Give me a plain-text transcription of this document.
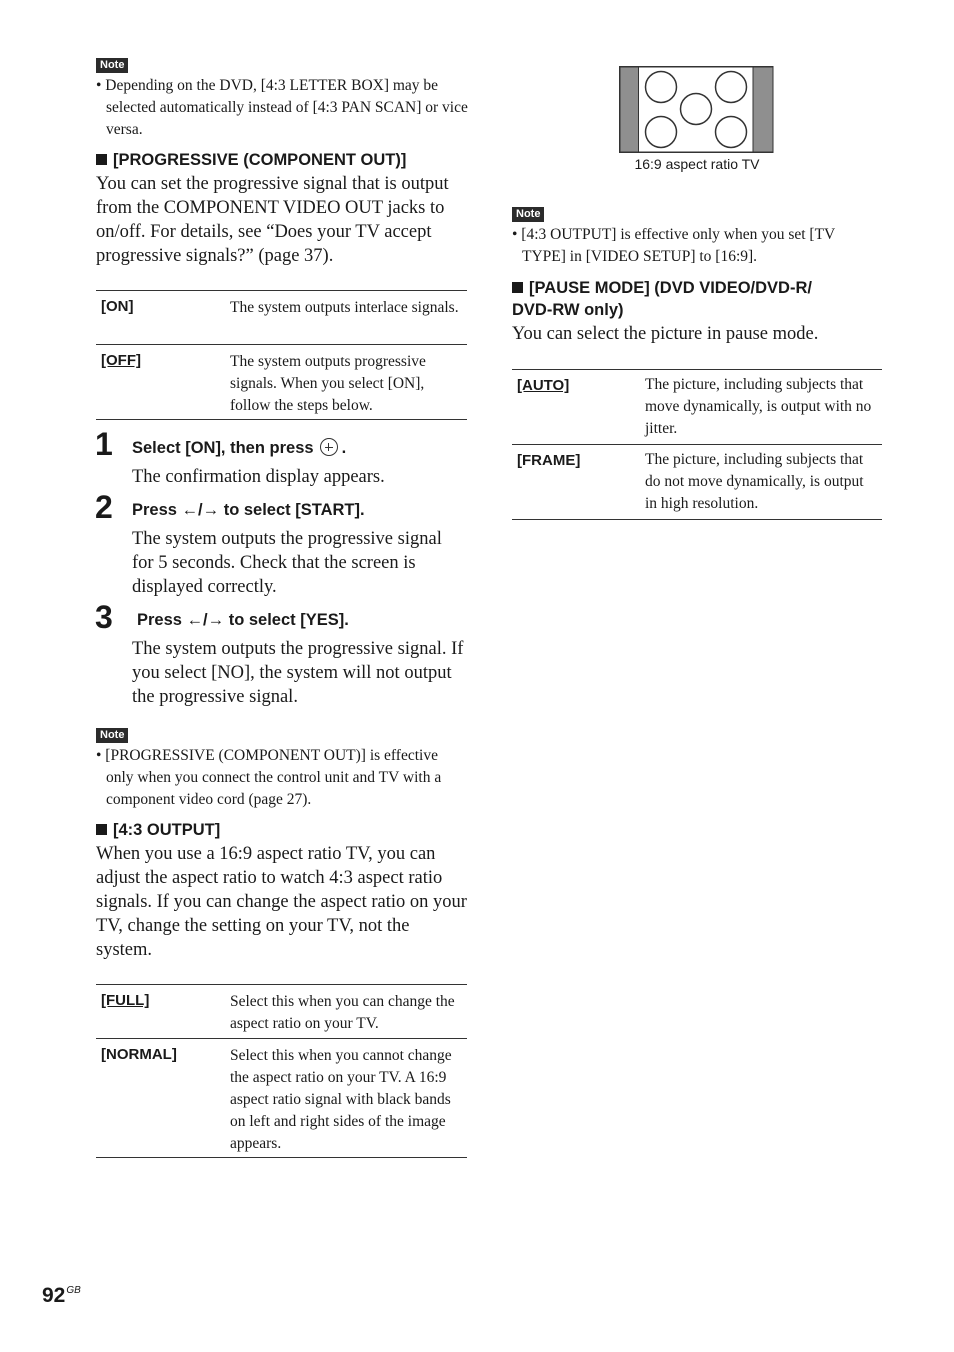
Note

• Depending on the DVD, [4:3 LETTER BOX] may be selected automatically instead of [4:3 PAN SCAN] or vice versa.

[PROGRESSIVE (COMPONENT OUT)]
You can set the progressive signal that is output from the COMPONENT VIDEO OUT jacks to on/off. For details, see “Does your TV accept progressive signals?” (page 37).
[ON]	The system outputs interlace signals.
[OFF]	The system outputs progressive signals. When you select [ON], follow the steps below.
1 Select [ON], then press .
The confirmation display appears.
2 Press ←/→ to select [START].
The system outputs the progressive signal for 5 seconds. Check that the screen is displayed correctly.
3 Press ←/→ to select [YES].
The system outputs the progressive signal. If you select [NO], the system will not output the progressive signal.
Note

• [PROGRESSIVE (COMPONENT OUT)] is effective only when you connect the control unit and TV with a component video cord (page 27).

[4:3 OUTPUT]
When you use a 16:9 aspect ratio TV, you can adjust the aspect ratio to watch 4:3 aspect ratio signals. If you can change the aspect ratio on your TV, change the setting on your TV, not the system.
[FULL]	Select this when you can change the aspect ratio on your TV.
[NORMAL]	Select this when you cannot change the aspect ratio on your TV. A 16:9 aspect ratio signal with black bands on left and right sides of the image appears.
16:9 aspect ratio TV
Note

• [4:3 OUTPUT] is effective only when you set [TV TYPE] in [VIDEO SETUP] to [16:9].

[PAUSE MODE] (DVD VIDEO/DVD-R/
DVD-RW only)
You can select the picture in pause mode.
[AUTO]	The picture, including subjects that move dynamically, is output with no jitter.
[FRAME]	The picture, including subjects that do not move dynamically, is output in high resolution.
$92^{GB}$
